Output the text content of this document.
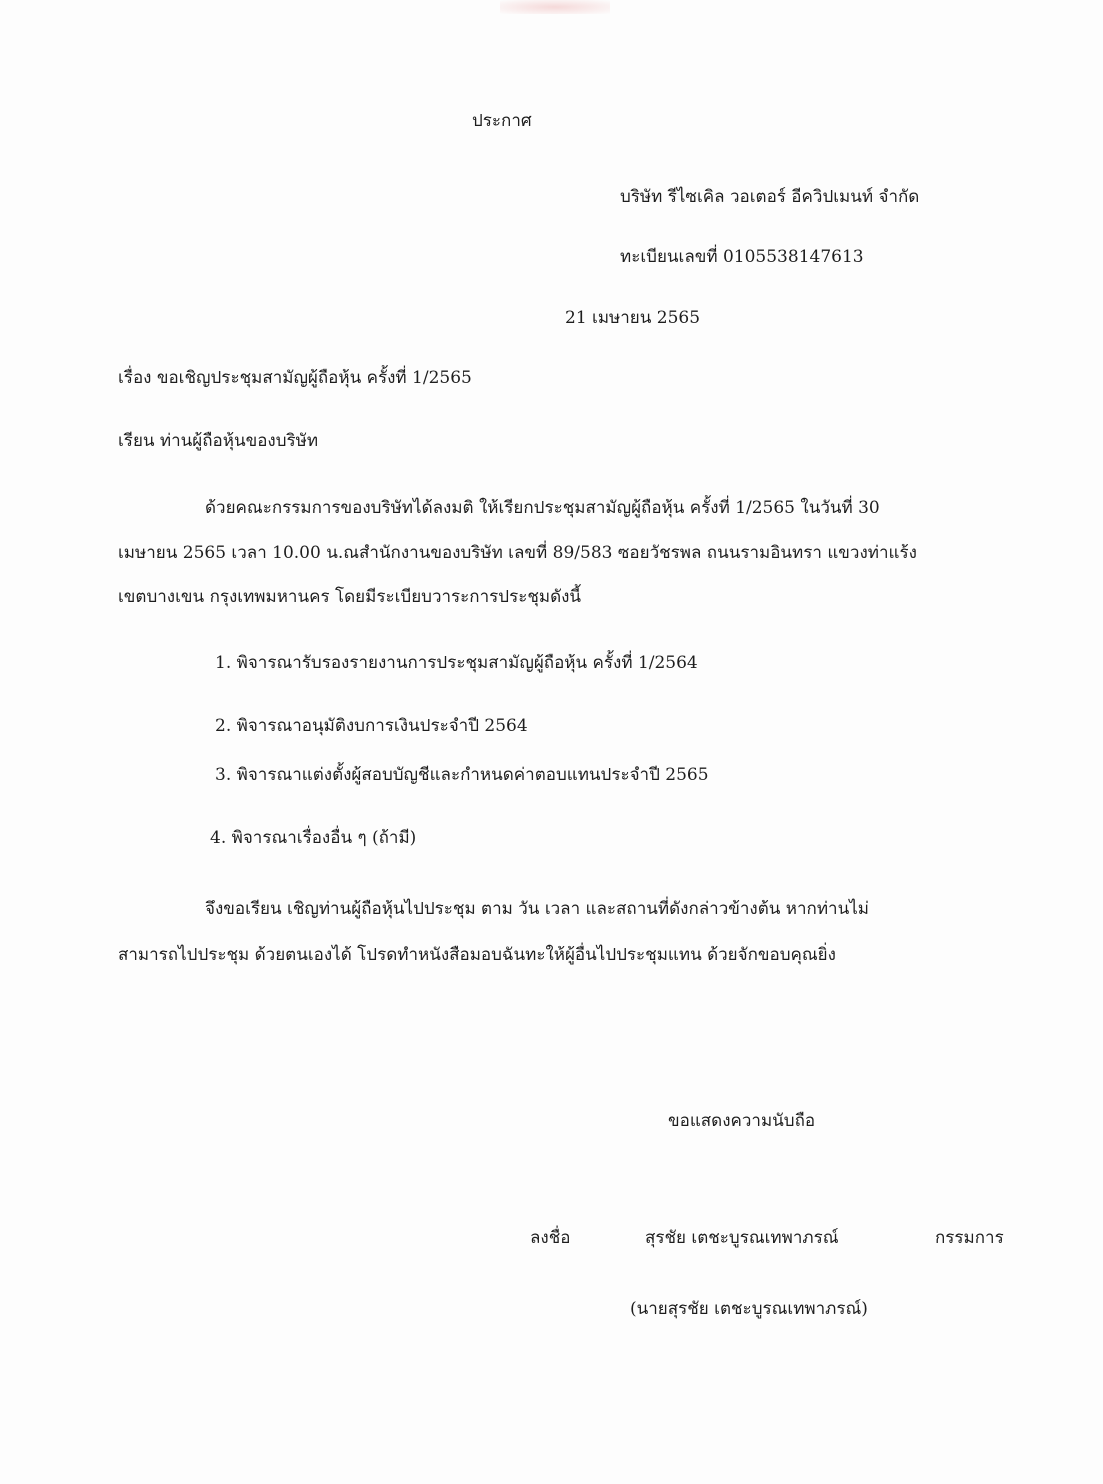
ประกาศ
บริษัท รีไซเคิล วอเตอร์ อีควิปเมนท์ จำกัด
ทะเบียนเลขที่ 0105538147613
21 เมษายน 2565
เรื่อง ขอเชิญประชุมสามัญผู้ถือหุ้น ครั้งที่ 1/2565
เรียน ท่านผู้ถือหุ้นของบริษัท
ด้วยคณะกรรมการของบริษัทได้ลงมติ ให้เรียกประชุมสามัญผู้ถือหุ้น ครั้งที่ 1/2565 ในวันที่ 30
เมษายน 2565 เวลา 10.00 น.ณสำนักงานของบริษัท เลขที่ 89/583 ซอยวัชรพล ถนนรามอินทรา แขวงท่าแร้ง
เขตบางเขน กรุงเทพมหานคร โดยมีระเบียบวาระการประชุมดังนี้
1. พิจารณารับรองรายงานการประชุมสามัญผู้ถือหุ้น ครั้งที่ 1/2564
2. พิจารณาอนุมัติงบการเงินประจำปี 2564
3. พิจารณาแต่งตั้งผู้สอบบัญชีและกำหนดค่าตอบแทนประจำปี 2565
4. พิจารณาเรื่องอื่น ๆ (ถ้ามี)
จึงขอเรียน เชิญท่านผู้ถือหุ้นไปประชุม ตาม วัน เวลา และสถานที่ดังกล่าวข้างต้น หากท่านไม่
สามารถไปประชุม ด้วยตนเองได้ โปรดทำหนังสือมอบฉันทะให้ผู้อื่นไปประชุมแทน ด้วยจักขอบคุณยิ่ง
ขอแสดงความนับถือ
ลงชื่อ	สุรชัย เตชะบูรณเทพาภรณ์	กรรมการ
(นายสุรชัย เตชะบูรณเทพาภรณ์)
